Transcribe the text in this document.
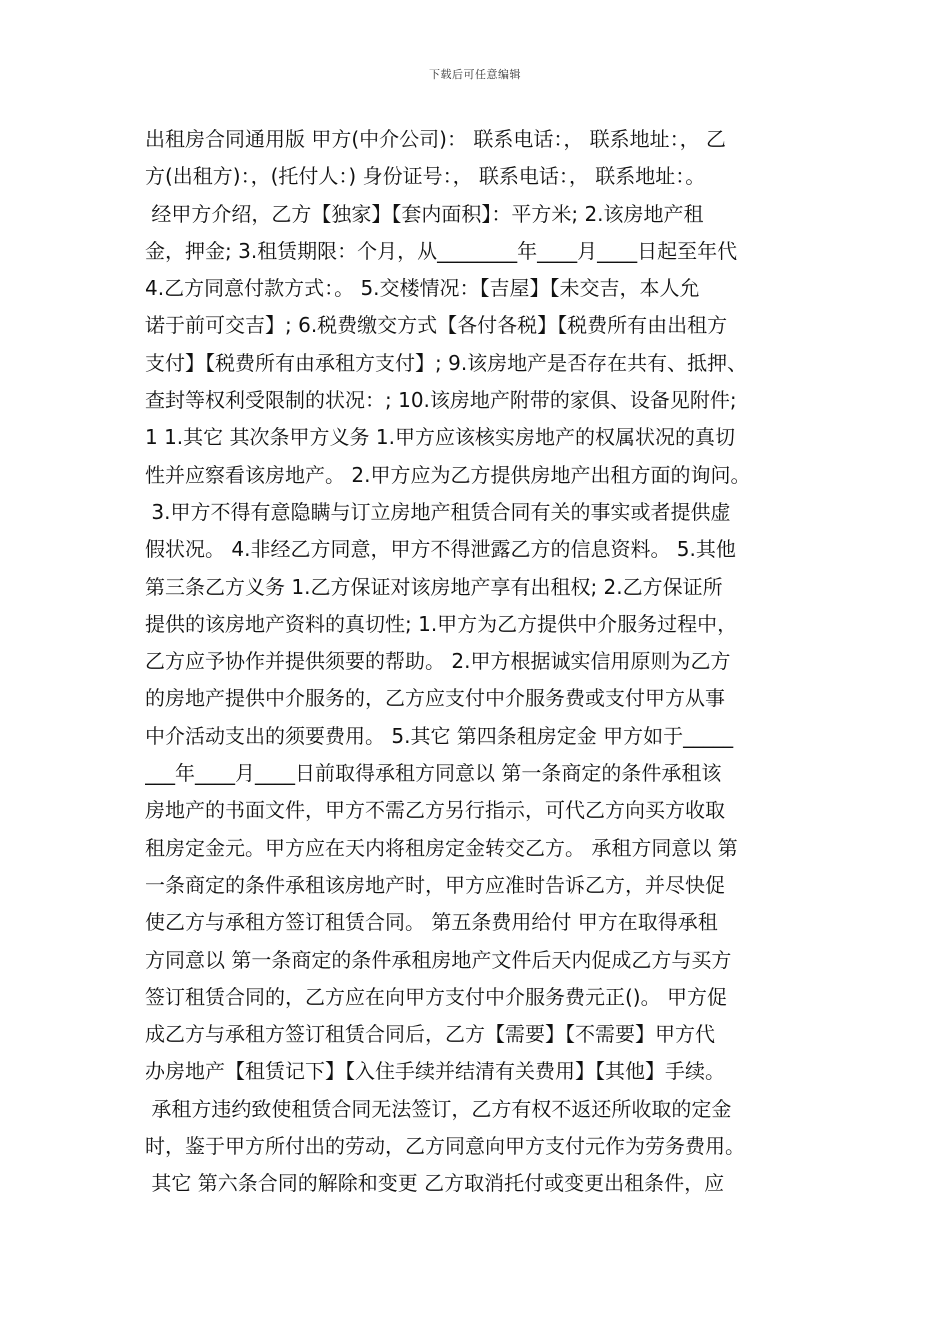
下载后可任意编辑
出租房合同通用版 甲方(中介公司)： 联系电话：， 联系地址：， 乙
方(出租方)：，(托付人：) 身份证号：， 联系电话：， 联系地址：。
经甲方介绍，乙方【独家】【套内面积】：平方米; 2.该房地产租
金，押金; 3.租赁期限：个月，从________年____月____日起至年代
4.乙方同意付款方式：。 5.交楼情况：【吉屋】【未交吉，本人允
诺于前可交吉】; 6.税费缴交方式【各付各税】【税费所有由出租方
支付】【税费所有由承租方支付】; 9.该房地产是否存在共有、抵押、
查封等权利受限制的状况：; 10.该房地产附带的家俱、设备见附件;
1 1.其它 其次条甲方义务 1.甲方应该核实房地产的权属状况的真切
性并应察看该房地产。 2.甲方应为乙方提供房地产出租方面的询问。
3.甲方不得有意隐瞒与订立房地产租赁合同有关的事实或者提供虚
假状况。 4.非经乙方同意，甲方不得泄露乙方的信息资料。 5.其他
第三条乙方义务 1.乙方保证对该房地产享有出租权; 2.乙方保证所
提供的该房地产资料的真切性; 1.甲方为乙方提供中介服务过程中，
乙方应予协作并提供须要的帮助。 2.甲方根据诚实信用原则为乙方
的房地产提供中介服务的，乙方应支付中介服务费或支付甲方从事
中介活动支出的须要费用。 5.其它 第四条租房定金 甲方如于_____
___年____月____日前取得承租方同意以 第一条商定的条件承租该
房地产的书面文件，甲方不需乙方另行指示，可代乙方向买方收取
租房定金元。甲方应在天内将租房定金转交乙方。 承租方同意以 第
一条商定的条件承租该房地产时，甲方应准时告诉乙方，并尽快促
使乙方与承租方签订租赁合同。 第五条费用给付 甲方在取得承租
方同意以 第一条商定的条件承租房地产文件后天内促成乙方与买方
签订租赁合同的，乙方应在向甲方支付中介服务费元正()。 甲方促
成乙方与承租方签订租赁合同后，乙方【需要】【不需要】甲方代
办房地产【租赁记下】【入住手续并结清有关费用】【其他】手续。
承租方违约致使租赁合同无法签订，乙方有权不返还所收取的定金
时，鉴于甲方所付出的劳动，乙方同意向甲方支付元作为劳务费用。
其它 第六条合同的解除和变更 乙方取消托付或变更出租条件，应
